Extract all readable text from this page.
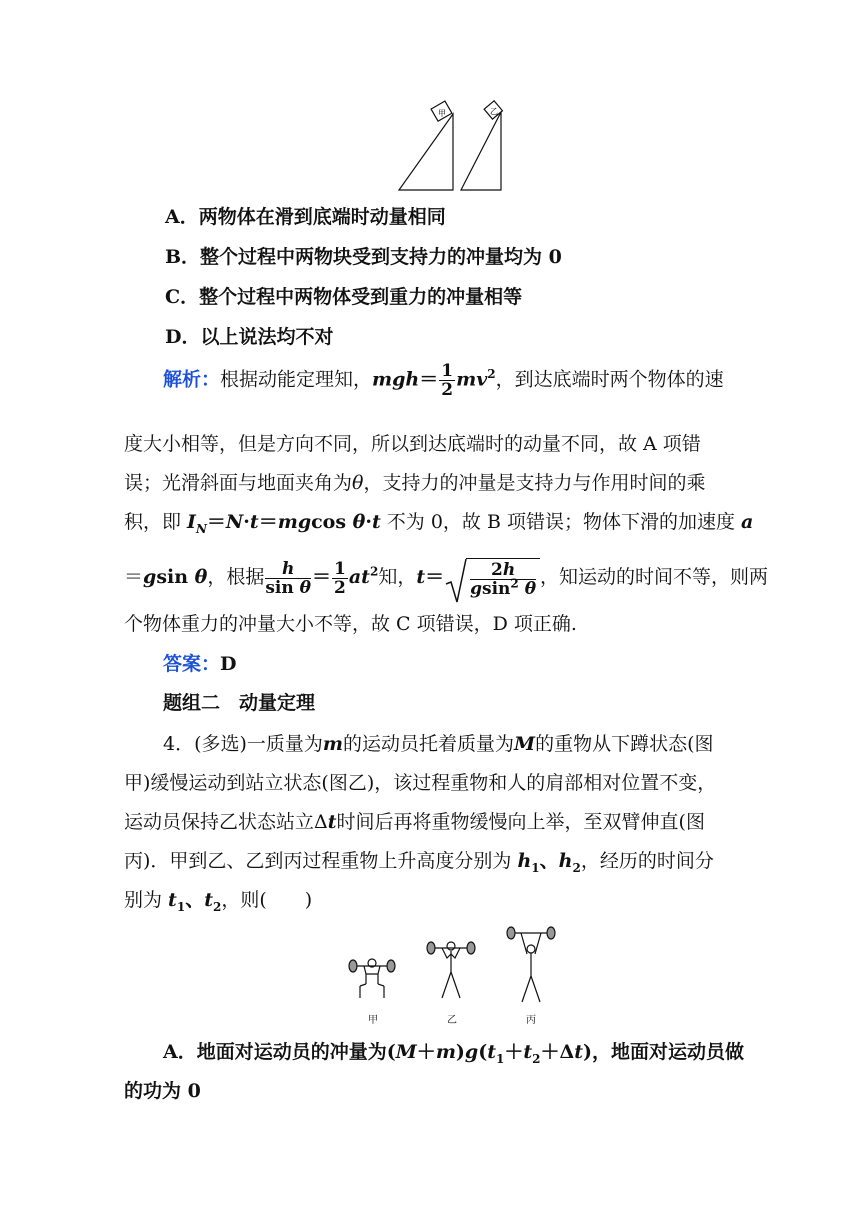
甲	乙
A．两物体在滑到底端时动量相同
B．整个过程中两物块受到支持力的冲量均为 0
C．整个过程中两物体受到重力的冲量相等
D．以上说法均不对
解析：根据动能定理知，$mgh= \frac{1}{2} mv^2$，到达底端时两个物体的速
度大小相等，但是方向不同，所以到达底端时的动量不同，故 A 项错
误；光滑斜面与地面夹角为θ，支持力的冲量是支持力与作用时间的乘
积，即 $I_N=N\cdot t=mgcos$ θ·t 不为 0，故 B 项错误；物体下滑的加速度 a
＝gsin θ，根据 $\frac{h}{\text{sin θ}} = \frac{1}{2} at^2$知，$t= \frac{2h}{gsin^2 \theta}$ ，知运动的时间不等，则两
个物体重力的冲量大小不等，故 C 项错误，D 项正确.
答案：D
题组二　动量定理
4．(多选)一质量为m的运动员托着质量为M的重物从下蹲状态(图
甲)缓慢运动到站立状态(图乙)，该过程重物和人的肩部相对位置不变，
运动员保持乙状态站立Δt时间后再将重物缓慢向上举，至双臂伸直(图
丙)．甲到乙、乙到丙过程重物上升高度分别为 $h_1$、$h_2$，经历的时间分
别为 $t_1$、$t_2$，则(　　)
甲	乙	丙
A．地面对运动员的冲量为$(M+m)g(t_1+t_2+\Delta t)$，地面对运动员做
的功为 0
